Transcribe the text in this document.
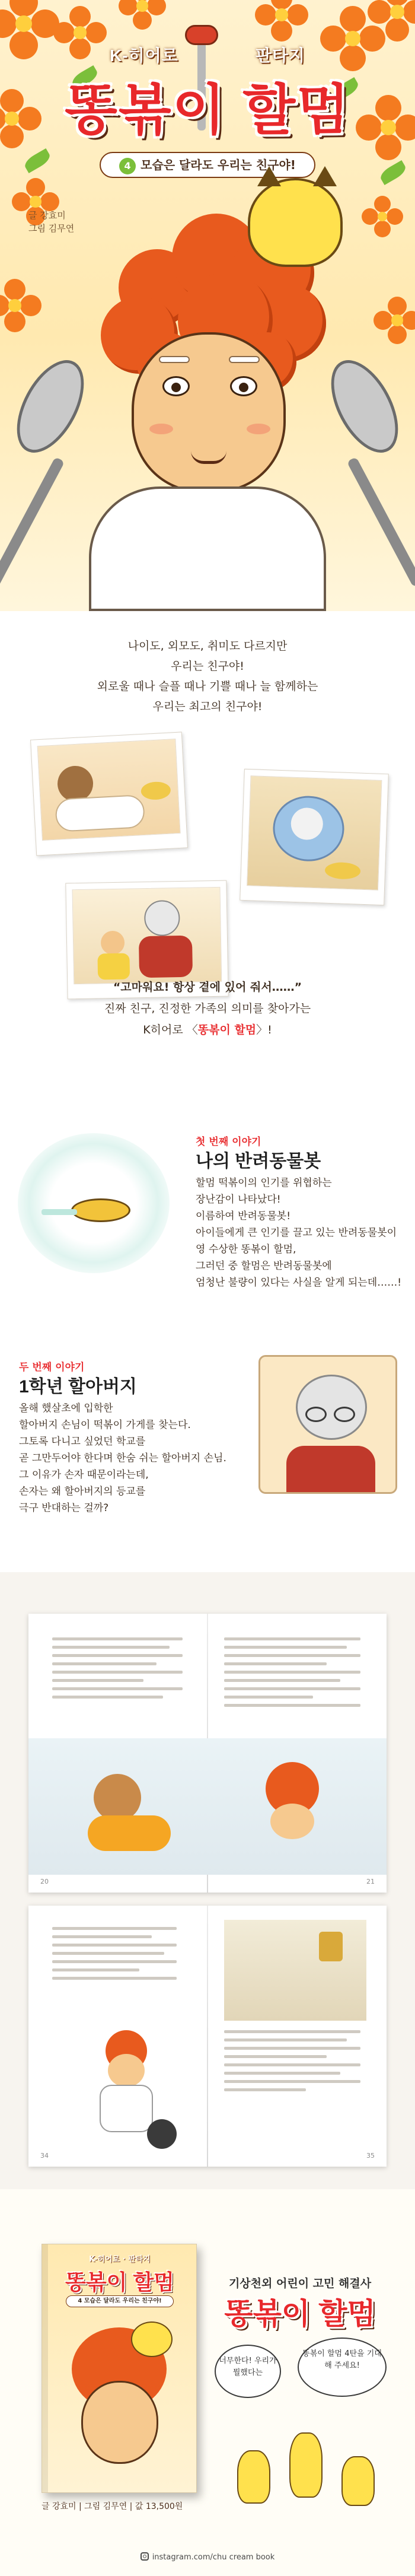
K-히어로	판타지
똥볶이 할멈
4 모습은 달라도 우리는 친구야!
글 강효미
그림 김무연
나이도, 외모도, 취미도 다르지만
우리는 친구야!
외로울 때나 슬플 때나 기쁠 때나 늘 함께하는
우리는 최고의 친구야!
“고마워요! 항상 곁에 있어 줘서……”
진짜 친구, 진정한 가족의 의미를 찾아가는
K히어로 〈똥볶이 할멈〉!
첫 번째 이야기
나의 반려동물봇
할멈 떡볶이의 인기를 위협하는
장난감이 나타났다!
이름하여 반려동물봇!
아이들에게 큰 인기를 끌고 있는 반려동물봇이
영 수상한 똥볶이 할멈,
그러던 중 할멈은 반려동물봇에
엄청난 불량이 있다는 사실을 알게 되는데……!
두 번째 이야기
1학년 할아버지
올해 했살초에 입학한
할아버지 손님이 떡볶이 가게를 찾는다.
그토록 다니고 싶었던 학교를
곧 그만두어야 한다며 한숨 쉬는 할아버지 손님.
그 이유가 손자 때문이라는데,
손자는 왜 할아버지의 등교를
극구 반대하는 걸까?
20	21
34	35
K-히어로 · 판타지
똥볶이 할멈
4 모습은 달라도 우리는 친구야!
글 강효미 | 그림 김무연 | 값 13,500원
기상천외 어린이 고민 해결사
똥볶이 할멈
너무한다! 우리가 뭘했다는
똥볶이 할멈 4탄을 기대해 주세요!
instagram.com/chu cream book
